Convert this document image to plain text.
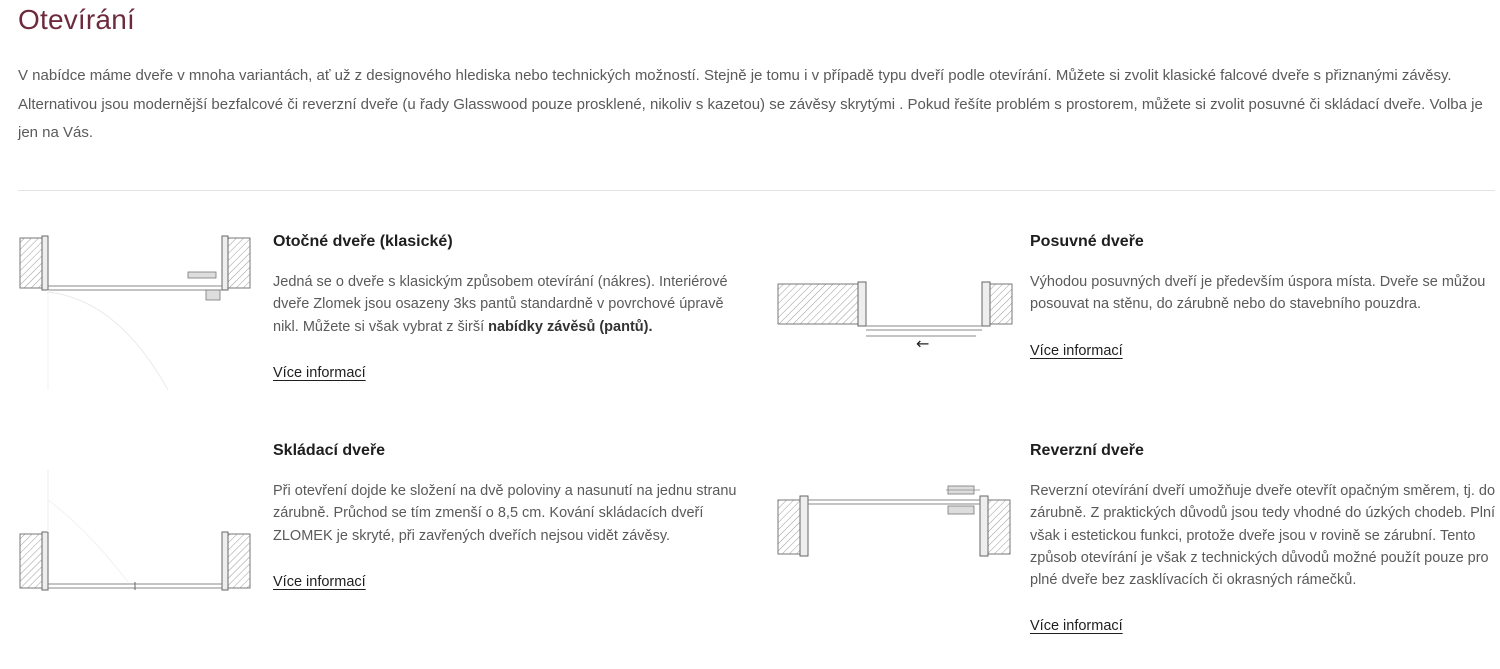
Otevírání

V nabídce máme dveře v mnoha variantách, ať už z designového hlediska nebo technických možností. Stejně je tomu i v případě typu dveří podle otevírání. Můžete si zvolit klasické falcové dveře s přiznanými závěsy. Alternativou jsou modernější bezfalcové či reverzní dveře (u řady Glasswood pouze prosklené, nikoliv s kazetou) se závěsy skrytými . Pokud řešíte problém s prostorem, můžete si zvolit posuvné či skládací dveře. Volba je jen na Vás.

Otočné dveře (klasické)

Jedná se o dveře s klasickým způsobem otevírání (nákres). Interiérové dveře Zlomek jsou osazeny 3ks pantů standardně v povrchové úpravě nikl. Můžete si však vybrat z širší nabídky závěsů (pantů).

Více informací
←
Posuvné dveře

Výhodou posuvných dveří je především úspora místa. Dveře se můžou posouvat na stěnu, do zárubně nebo do stavebního pouzdra.

Více informací
Skládací dveře

Při otevření dojde ke složení na dvě poloviny a nasunutí na jednu stranu zárubně. Průchod se tím zmenší o 8,5 cm. Kování skládacích dveří ZLOMEK je skryté, při zavřených dveřích nejsou vidět závěsy.

Více informací
Reverzní dveře

Reverzní otevírání dveří umožňuje dveře otevřít opačným směrem, tj. do zárubně. Z praktických důvodů jsou tedy vhodné do úzkých chodeb. Plní však i estetickou funkci, protože dveře jsou v rovině se zárubní. Tento způsob otevírání je však z technických důvodů možné použít pouze pro plné dveře bez zasklívacích či okrasných rámečků.

Více informací
